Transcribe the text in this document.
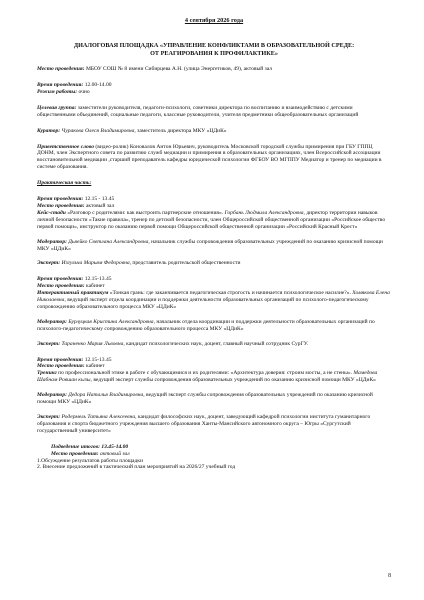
4 сентября 2026 года

ДИАЛОГОВАЯ ПЛОЩАДКА «УПРАВЛЕНИЕ КОНФЛИКТАМИ В ОБРАЗОВАТЕЛЬНОЙ СРЕДЕ:
ОТ РЕАГИРОВАНИЯ К ПРОФИЛАКТИКЕ»

Место проведения: МБОУ СОШ № 8 имени Сибирцева А.Н. (улица Энергетиков, 49), актовый зал

Время проведения: 12.00-14.00

Режим работы: очно

Целевая группа: заместители руководителя, педагоги-психологи, советники директора по воспитанию и взаимодействию с детскими общественными объединений, социальные педагоги, классные руководители, учителя предметники общеобразовательных организаций

Куратор: Чуракова Олеся Владимировна, заместитель директора МКУ «ЦДиК»

Приветственное слово (видео-ролик) Коновалов Антон Юрьевич, руководитель Московской городской службы примирения при ГБУ ГППЦ ДОНМ, член Экспертного совета по развитию служб медиации и примирения в образовательных организациях, член Всероссийской ассоциации восстановительной медиации ,старший преподаватель кафедры юридической психологии ФГБОУ ВО МГППУ Медиатор и тренер по медиации в системе образования.

Практическая часть:

Время проведения: 12.15 - 13.45

Место проведения: актовый зал

Кейс-стади «Разговор с родителями: как выстроить партнерские отношения». Горбань Людмила Александровна, директор территории навыков личной безопасности «Такие правила», тренер по детской безопасности, член Общероссийской общественной организации «Российское общество первой помощи», инструктор по оказанию первой помощи Общероссийской общественной организации «Российский Красный Крест»

Модератор: Дьяейко Светлана Александровна, начальник службы сопровождения образовательных учреждений по оказанию кризисной помощи МКУ «ЦДиК»

Эксперт: Изгульча Марьям Федоровна, представитель родительской общественности

Время проведения: 12.15-13.45

Место проведения: кабинет

Интерактивный практикум «Тонкая грань: где заканчивается педагогическая строгость и начинается психологическое насилие?». Хомякова Елена Николаевна, ведущий эксперт отдела координации и поддержки деятельности образовательных организаций по психолого-педагогическому сопровождению образовательного процесса МКУ «ЦДиК»

Модератор: Бурлуцкая Кристина Александровна, начальник отдела координации и поддержки деятельности образовательных организаций по психолого-педагогическому сопровождению образовательного процесса МКУ «ЦДиК»

Эксперт: Тараненко Мария Львовна, кандидат психологических наук, доцент, главный научный сотрудник СурГУ.

Время проведения: 12.15-13.45

Место проведения: кабинет

Тренинг по профессиональной этике в работе с обучающимися и их родителями: «Архитектура доверия: строим мосты, а не стены». Мамедова Шабнам Ровшан кызы, ведущий эксперт службы сопровождения образовательных учреждений по оказанию кризисной помощи МКУ «ЦДиК»

Модератор: Дедора Наталья Владимировна, ведущий эксперт службы сопровождения образовательных учреждений по оказанию кризисной помощи МКУ «ЦДиК»

Эксперт: Родермель Татьяна Алексеевна, кандидат философских наук, доцент, заведующий кафедрой психологии института гуманитарного образования и спорта бюджетного учреждения высшего образования Ханты-Мансийского автономного округа – Югры «Сургутский государственный университет»

Подведение итогов: 13.45-14.00

Место проведения: актовый зал

1.Обсуждение результатов работы площадки

2. Внесение предложений в тактический план мероприятий на 2026/27 учебный год

8
